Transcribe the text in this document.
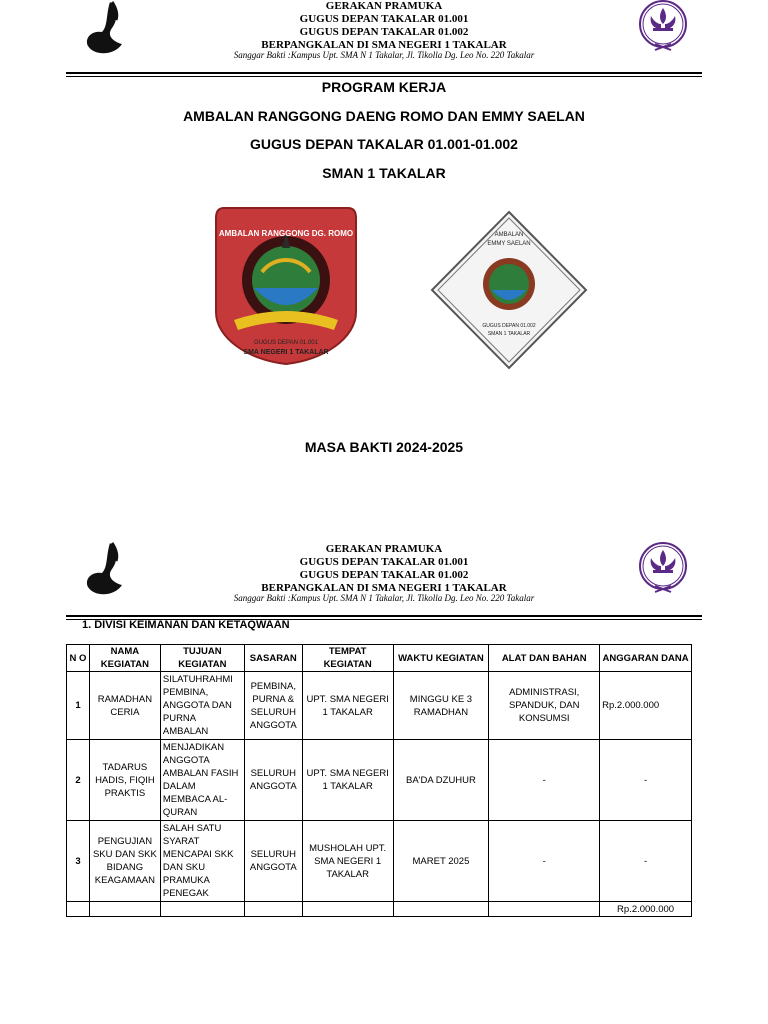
GERAKAN PRAMUKA
GUGUS DEPAN TAKALAR 01.001
GUGUS DEPAN TAKALAR 01.002
BERPANGKALAN DI SMA NEGERI 1 TAKALAR
Sanggar Bakti :Kampus Upt. SMA N 1 Takalar, Jl. Tikolla Dg. Leo No. 220 Takalar
PROGRAM KERJA
AMBALAN RANGGONG DAENG ROMO DAN EMMY SAELAN
GUGUS DEPAN TAKALAR 01.001-01.002
SMAN 1 TAKALAR
AMBALAN RANGGONG DG. ROMO
GUGUS DEPAN 01.001
SMA NEGERI 1 TAKALAR
AMBALAN
EMMY SAELAN
GUGUS DEPAN 01.002
SMAN 1 TAKALAR
MASA BAKTI 2024-2025
GERAKAN PRAMUKA
GUGUS DEPAN TAKALAR 01.001
GUGUS DEPAN TAKALAR 01.002
BERPANGKALAN DI SMA NEGERI 1 TAKALAR
Sanggar Bakti :Kampus Upt. SMA N 1 Takalar, Jl. Tikolla Dg. Leo No. 220 Takalar
1. DIVISI KEIMANAN DAN KETAQWAAN
N O	NAMA KEGIATAN	TUJUAN KEGIATAN	SASARAN	TEMPAT KEGIATAN	WAKTU KEGIATAN	ALAT DAN BAHAN	ANGGARAN DANA
1	RAMADHAN CERIA	SILATUHRAHMI PEMBINA, ANGGOTA DAN PURNA AMBALAN	PEMBINA, PURNA & SELURUH ANGGOTA	UPT. SMA NEGERI 1 TAKALAR	MINGGU KE 3 RAMADHAN	ADMINISTRASI, SPANDUK, DAN KONSUMSI	Rp.2.000.000
2	TADARUS HADIS, FIQIH PRAKTIS	MENJADIKAN ANGGOTA AMBALAN FASIH DALAM MEMBACA AL-QURAN	SELURUH ANGGOTA	UPT. SMA NEGERI 1 TAKALAR	BA'DA DZUHUR	-	-
3	PENGUJIAN SKU DAN SKK BIDANG KEAGAMAAN	SALAH SATU SYARAT MENCAPAI SKK DAN SKU PRAMUKA PENEGAK	SELURUH ANGGOTA	MUSHOLAH UPT. SMA NEGERI 1 TAKALAR	MARET 2025	-	-
							Rp.2.000.000
